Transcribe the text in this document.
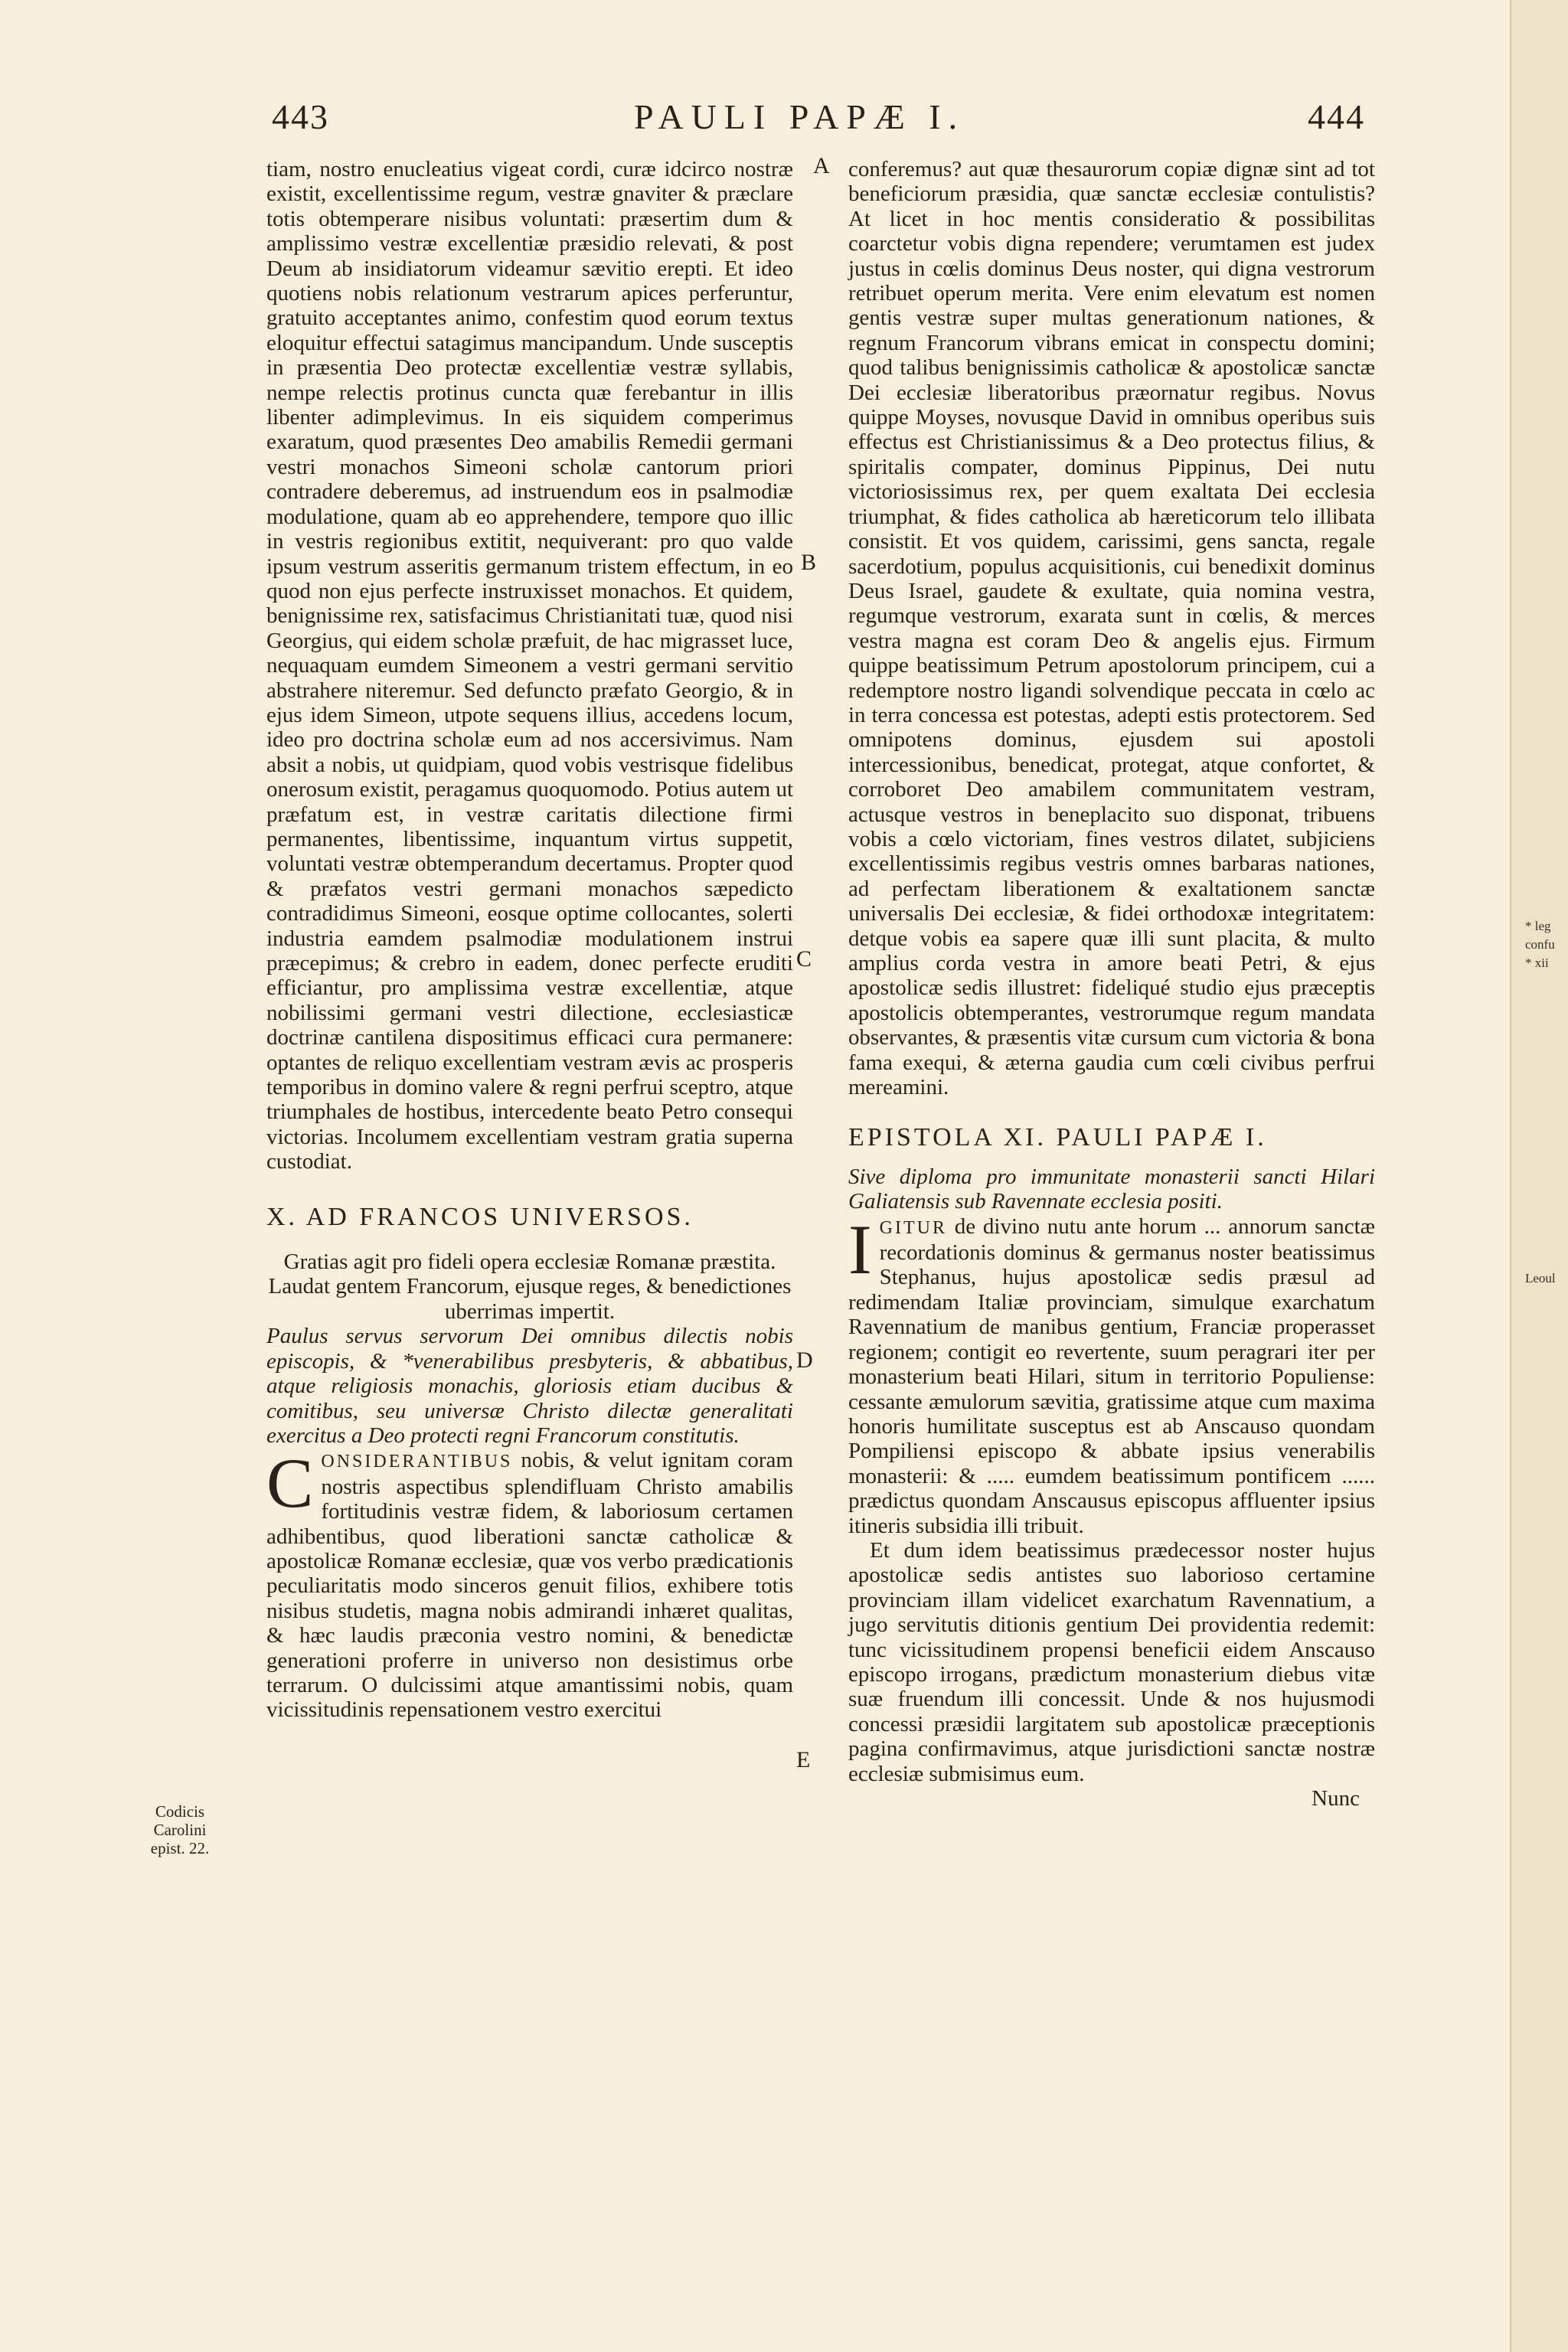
443	PAULI PAPÆ I.	444
A
B
C
D
E
Codicis Carolini epist. 22.

tiam, nostro enucleatius vigeat cordi, curæ idcirco nostræ existit, excellentissime regum, vestræ gnaviter & præclare totis obtemperare nisibus voluntati: præsertim dum & amplissimo vestræ excellentiæ præsidio relevati, & post Deum ab insidiatorum videamur sævitio erepti. Et ideo quotiens nobis relationum vestrarum apices perferuntur, gratuito acceptantes animo, confestim quod eorum textus eloquitur effectui satagimus mancipandum. Unde susceptis in præsentia Deo protectæ excellentiæ vestræ syllabis, nempe relectis protinus cuncta quæ ferebantur in illis libenter adimplevimus. In eis siquidem comperimus exaratum, quod præsentes Deo amabilis Remedii germani vestri monachos Simeoni scholæ cantorum priori contradere deberemus, ad instruendum eos in psalmodiæ modulatione, quam ab eo apprehendere, tempore quo illic in vestris regionibus extitit, nequiverant: pro quo valde ipsum vestrum asseritis germanum tristem effectum, in eo quod non ejus perfecte instruxisset monachos. Et quidem, benignissime rex, satisfacimus Christianitati tuæ, quod nisi Georgius, qui eidem scholæ præfuit, de hac migrasset luce, nequaquam eumdem Simeonem a vestri germani servitio abstrahere niteremur. Sed defuncto præfato Georgio, & in ejus idem Simeon, utpote sequens illius, accedens locum, ideo pro doctrina scholæ eum ad nos accersivimus. Nam absit a nobis, ut quidpiam, quod vobis vestrisque fidelibus onerosum existit, peragamus quoquomodo. Potius autem ut præfatum est, in vestræ caritatis dilectione firmi permanentes, libentissime, inquantum virtus suppetit, voluntati vestræ obtemperandum decertamus. Propter quod & præfatos vestri germani monachos sæpedicto contradidimus Simeoni, eosque optime collocantes, solerti industria eamdem psalmodiæ modulationem instrui præcepimus; & crebro in eadem, donec perfecte eruditi efficiantur, pro amplissima vestræ excellentiæ, atque nobilissimi germani vestri dilectione, ecclesiasticæ doctrinæ cantilena dispositimus efficaci cura permanere: optantes de reliquo excellentiam vestram ævis ac prosperis temporibus in domino valere & regni perfrui sceptro, atque triumphales de hostibus, intercedente beato Petro consequi victorias. Incolumem excellentiam vestram gratia superna custodiat.

X. AD FRANCOS UNIVERSOS.

Gratias agit pro fideli opera ecclesiæ Romanæ præstita. Laudat gentem Francorum, ejusque reges, & benedictiones uberrimas impertit.

Paulus servus servorum Dei omnibus dilectis nobis episcopis, & *venerabilibus presbyteris, & abbatibus, atque religiosis monachis, gloriosis etiam ducibus & comitibus, seu universæ Christo dilectæ generalitati exercitus a Deo protecti regni Francorum constitutis.

CONSIDERANTIBUS nobis, & velut ignitam coram nostris aspectibus splendifluam Christo amabilis fortitudinis vestræ fidem, & laboriosum certamen adhibentibus, quod liberationi sanctæ catholicæ & apostolicæ Romanæ ecclesiæ, quæ vos verbo prædicationis peculiaritatis modo sinceros genuit filios, exhibere totis nisibus studetis, magna nobis admirandi inhæret qualitas, & hæc laudis præconia vestro nomini, & benedictæ generationi proferre in universo non desistimus orbe terrarum. O dulcissimi atque amantissimi nobis, quam vicissitudinis repensationem vestro exercitui

conferemus? aut quæ thesaurorum copiæ dignæ sint ad tot beneficiorum præsidia, quæ sanctæ ecclesiæ contulistis? At licet in hoc mentis consideratio & possibilitas coarctetur vobis digna rependere; verumtamen est judex justus in cœlis dominus Deus noster, qui digna vestrorum retribuet operum merita. Vere enim elevatum est nomen gentis vestræ super multas generationum nationes, & regnum Francorum vibrans emicat in conspectu domini; quod talibus benignissimis catholicæ & apostolicæ sanctæ Dei ecclesiæ liberatoribus præornatur regibus. Novus quippe Moyses, novusque David in omnibus operibus suis effectus est Christianissimus & a Deo protectus filius, & spiritalis compater, dominus Pippinus, Dei nutu victoriosissimus rex, per quem exaltata Dei ecclesia triumphat, & fides catholica ab hæreticorum telo illibata consistit. Et vos quidem, carissimi, gens sancta, regale sacerdotium, populus acquisitionis, cui benedixit dominus Deus Israel, gaudete & exultate, quia nomina vestra, regumque vestrorum, exarata sunt in cœlis, & merces vestra magna est coram Deo & angelis ejus. Firmum quippe beatissimum Petrum apostolorum principem, cui a redemptore nostro ligandi solvendique peccata in cœlo ac in terra concessa est potestas, adepti estis protectorem. Sed omnipotens dominus, ejusdem sui apostoli intercessionibus, benedicat, protegat, atque confortet, & corroboret Deo amabilem communitatem vestram, actusque vestros in beneplacito suo disponat, tribuens vobis a cœlo victoriam, fines vestros dilatet, subjiciens excellentissimis regibus vestris omnes barbaras nationes, ad perfectam liberationem & exaltationem sanctæ universalis Dei ecclesiæ, & fidei orthodoxæ integritatem: detque vobis ea sapere quæ illi sunt placita, & multo amplius corda vestra in amore beati Petri, & ejus apostolicæ sedis illustret: fideliqué studio ejus præceptis apostolicis obtemperantes, vestrorumque regum mandata observantes, & præsentis vitæ cursum cum victoria & bona fama exequi, & æterna gaudia cum cœli civibus perfrui mereamini.

EPISTOLA XI. PAULI PAPÆ I.

Sive diploma pro immunitate monasterii sancti Hilari Galiatensis sub Ravennate ecclesia positi.

IGITUR de divino nutu ante horum ... annorum sanctæ recordationis dominus & germanus noster beatissimus Stephanus, hujus apostolicæ sedis præsul ad redimendam Italiæ provinciam, simulque exarchatum Ravennatium de manibus gentium, Franciæ properasset regionem; contigit eo revertente, suum peragrari iter per monasterium beati Hilari, situm in territorio Populiense: cessante æmulorum sævitia, gratissime atque cum maxima honoris humilitate susceptus est ab Anscauso quondam Pompiliensi episcopo & abbate ipsius venerabilis monasterii: & ..... eumdem beatissimum pontificem ...... prædictus quondam Anscausus episcopus affluenter ipsius itineris subsidia illi tribuit.

Et dum idem beatissimus prædecessor noster hujus apostolicæ sedis antistes suo laborioso certamine provinciam illam videlicet exarchatum Ravennatium, a jugo servitutis ditionis gentium Dei providentia redemit: tunc vicissitudinem propensi beneficii eidem Anscauso episcopo irrogans, prædictum monasterium diebus vitæ suæ fruendum illi concessit. Unde & nos hujusmodi concessi præsidii largitatem sub apostolicæ præceptionis pagina confirmavimus, atque jurisdictioni sanctæ nostræ ecclesiæ submisimus eum.

Nunc

* leg
confu
* xii
Leoul
